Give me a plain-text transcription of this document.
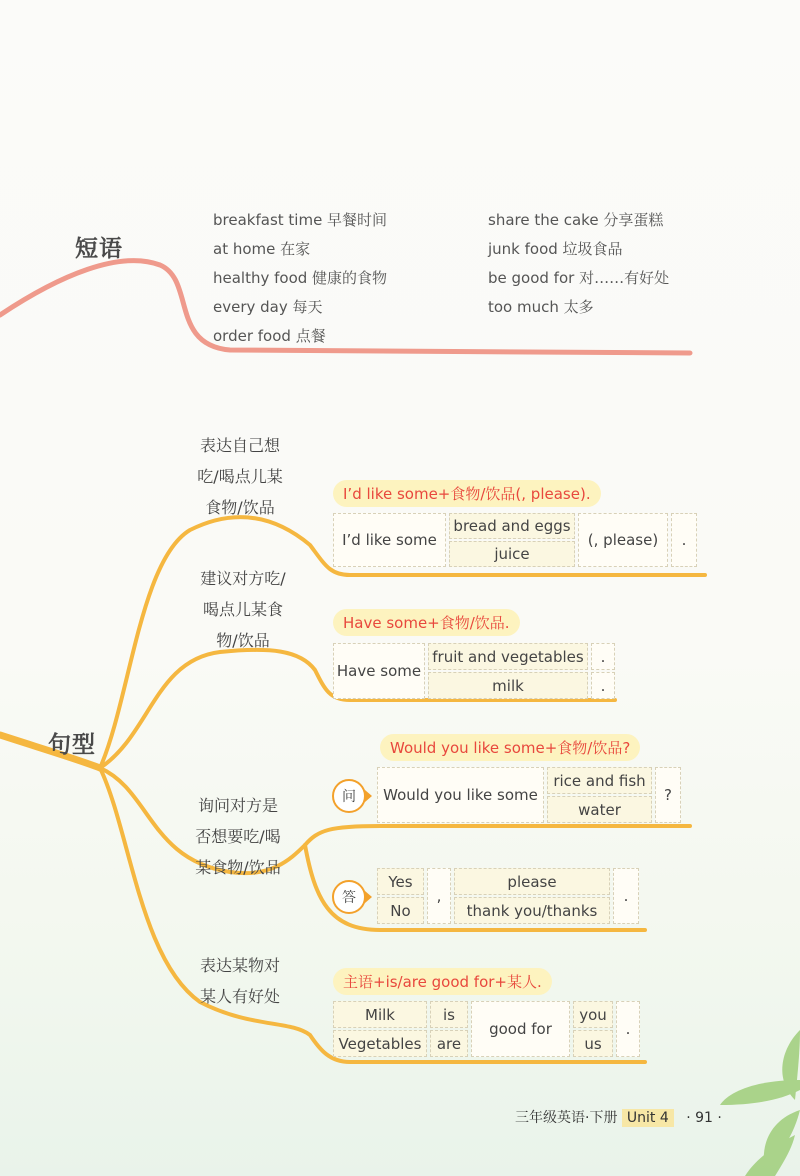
短语
breakfast time 早餐时间
at home 在家
healthy food 健康的食物
every day 每天
order food 点餐
share the cake 分享蛋糕
junk food 垃圾食品
be good for 对……有好处
too much 太多
句型
表达自己想
吃/喝点儿某
食物/饮品
I’d like some+食物/饮品(, please).
I’d like some
bread and eggs
juice
(, please)	.
建议对方吃/
喝点儿某食
物/饮品
Have some+食物/饮品.
Have some
fruit and vegetables
milk
.
.
Would you like some+食物/饮品?
询问对方是
否想要吃/喝
某食物/饮品
问	Would you like some
rice and fish
water
?
答
Yes
No
,
please
thank you/thanks
.
表达某物对
某人有好处
主语+is/are good for+某人.
Milk
Vegetables
is
are
good for
you
us
.
三年级英语·下册 Unit 4 · 91 ·
